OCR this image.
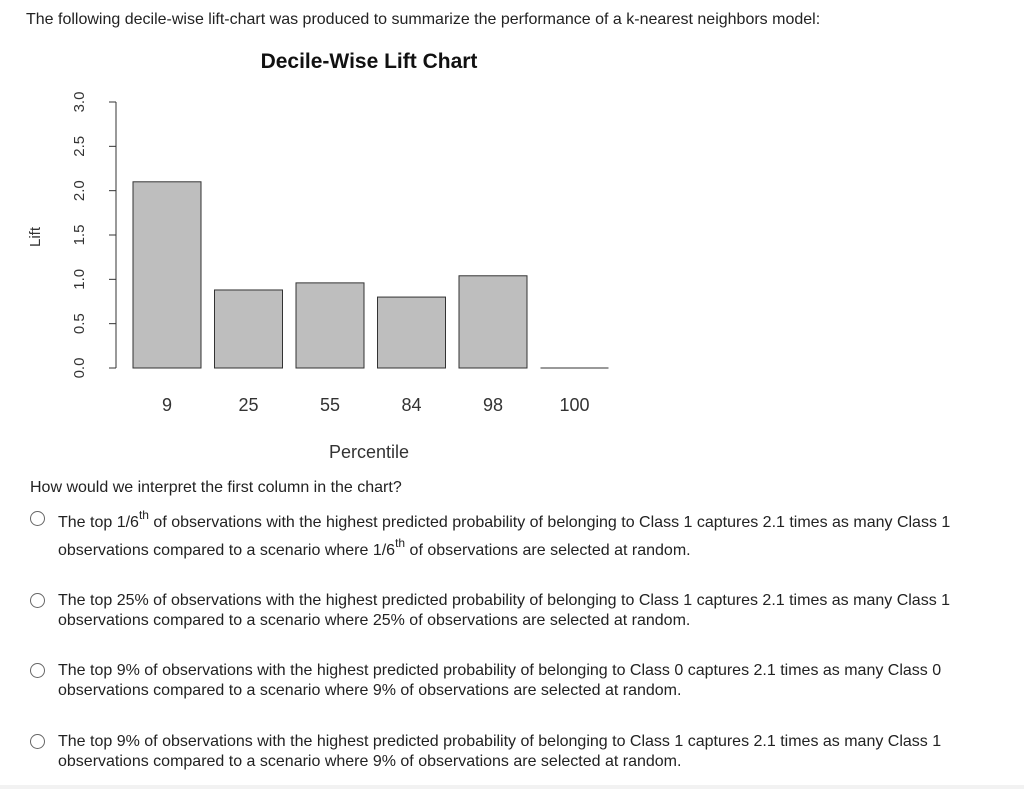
The following decile-wise lift-chart was produced to summarize the performance of a k-nearest neighbors model:
Decile-Wise Lift Chart
Lift
Percentile
0.0
0.5
1.0
1.5
2.0
2.5
3.0
9	25	55	84	98	100
How would we interpret the first column in the chart?
The top 1/6th of observations with the highest predicted probability of belonging to Class 1 captures 2.1 times as many Class 1
observations compared to a scenario where 1/6th of observations are selected at random.
The top 25% of observations with the highest predicted probability of belonging to Class 1 captures 2.1 times as many Class 1
observations compared to a scenario where 25% of observations are selected at random.
The top 9% of observations with the highest predicted probability of belonging to Class 0 captures 2.1 times as many Class 0
observations compared to a scenario where 9% of observations are selected at random.
The top 9% of observations with the highest predicted probability of belonging to Class 1 captures 2.1 times as many Class 1
observations compared to a scenario where 9% of observations are selected at random.
